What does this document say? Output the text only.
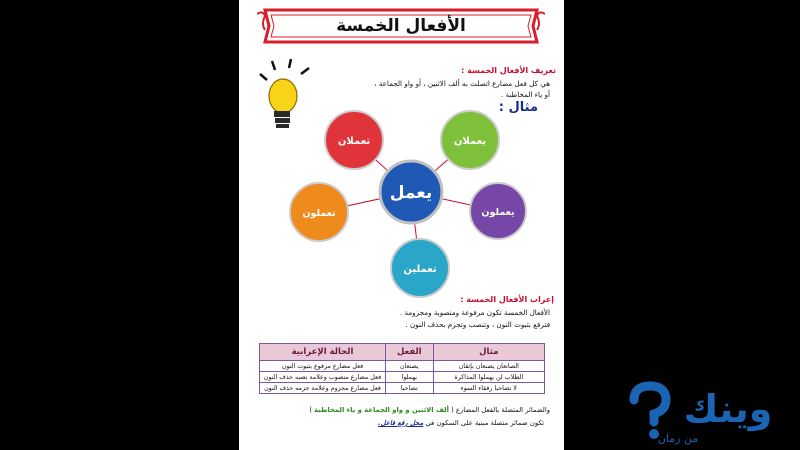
الأفعال الخمسة
تعريف الأفعال الخمسة :
هي كل فعل مضارع اتصلت به ألف الاثنين ، أو واو الجماعة ،
أو ياء المخاطبة .
مثال :
يعمل
يعملان
يعملون
تعملين
تعملون
تعملان
إعراب الأفعال الخمسة :
الأفعال الخمسة تكون مرفوعة ومنصوبة ومجزومة .
فترفع بثبوت النون ، وتنصب وتجزم بحذف النون .
مثال	الفعل	الحالة الإعرابية
الصانعان يصنعان بإتقان	يصنعان	فعل مضارع مرفوع بثبوت النون
الطلاب لن يهملوا المذاكرة	يهملوا	فعل مضارع منصوب وعلامة نصبه حذف النون
لا تصاحبا رفقاء السوء	تصاحبا	فعل مضارع مجزوم وعلامة جزمه حذف النون
والضمائر المتصلة بالفعل المضارع ( ألف الاثنين و واو الجماعة و ياء المخاطبة )
تكون ضمائر متصلة مبنية على السكون في محل رفع فاعل.	وينك
من زمان
